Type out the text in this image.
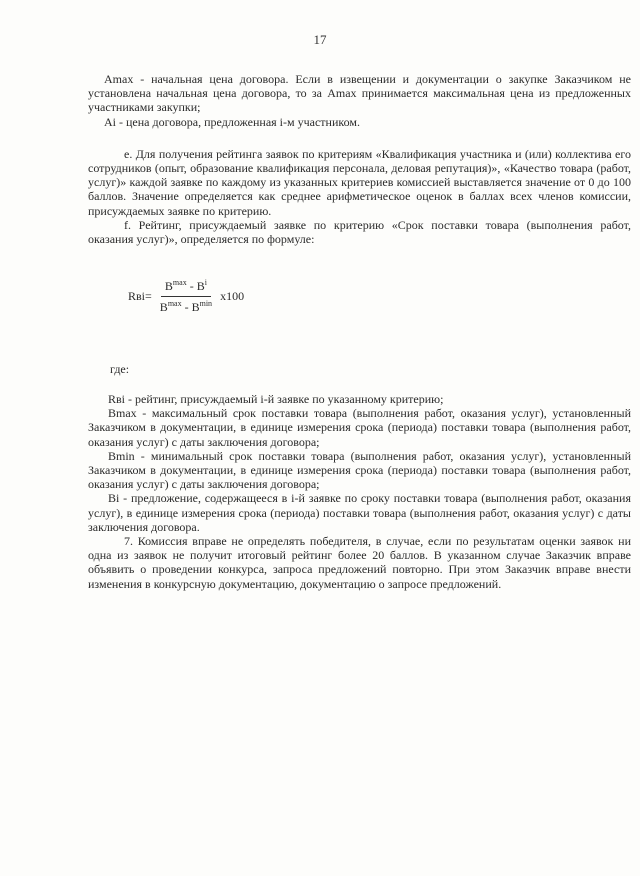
17

Amax - начальная цена договора. Если в извещении и документации о закупке Заказчиком не установлена начальная цена договора, то за Amax принимается максимальная цена из предложенных участниками закупки;

Ai - цена договора, предложенная i-м участником.

e. Для получения рейтинга заявок по критериям «Квалификация участника и (или) коллектива его сотрудников (опыт, образование квалификация персонала, деловая репутация)», «Качество товара (работ, услуг)» каждой заявке по каждому из указанных критериев комиссией выставляется значение от 0 до 100 баллов. Значение определяется как среднее арифметическое оценок в баллах всех членов комиссии, присуждаемых заявке по критерию.

f. Рейтинг, присуждаемый заявке по критерию «Срок поставки товара (выполнения работ, оказания услуг)», определяется по формуле:

Rвi = $\frac{B^{max} - B^i}{B^{max} - B^{min}} x100$
где:

Rвi - рейтинг, присуждаемый i-й заявке по указанному критерию;

Bmax - максимальный срок поставки товара (выполнения работ, оказания услуг), установленный Заказчиком в документации, в единице измерения срока (периода) поставки товара (выполнения работ, оказания услуг) с даты заключения договора;

Bmin - минимальный срок поставки товара (выполнения работ, оказания услуг), установленный Заказчиком в документации, в единице измерения срока (периода) поставки товара (выполнения работ, оказания услуг) с даты заключения договора;

Bi - предложение, содержащееся в i-й заявке по сроку поставки товара (выполнения работ, оказания услуг), в единице измерения срока (периода) поставки товара (выполнения работ, оказания услуг) с даты заключения договора.

7. Комиссия вправе не определять победителя, в случае, если по результатам оценки заявок ни одна из заявок не получит итоговый рейтинг более 20 баллов. В указанном случае Заказчик вправе объявить о проведении конкурса, запроса предложений повторно. При этом Заказчик вправе внести изменения в конкурсную документацию, документацию о запросе предложений.
